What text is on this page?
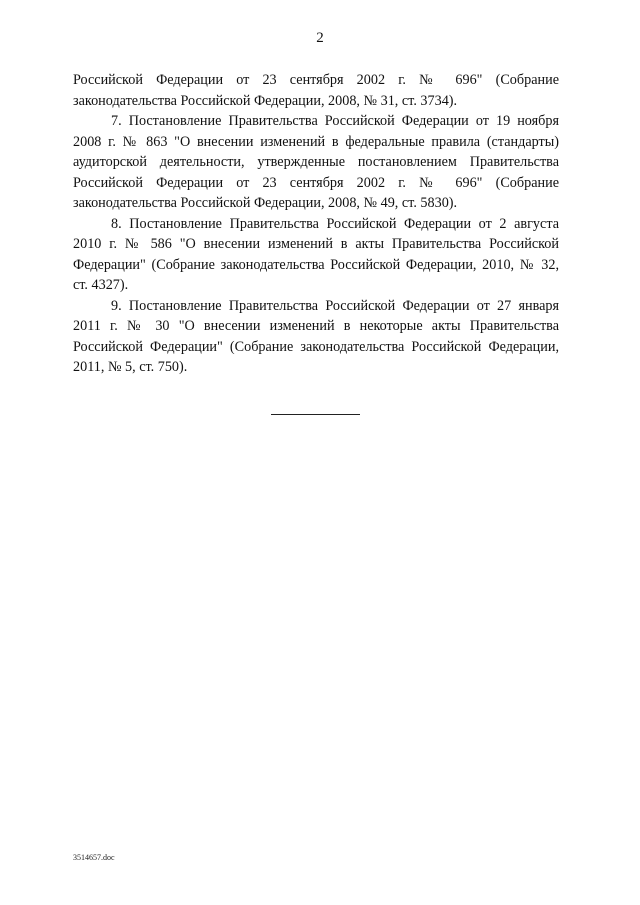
2

Российской Федерации от 23 сентября 2002 г. № 696" (Собрание законодательства Российской Федерации, 2008, № 31, ст. 3734).

7. Постановление Правительства Российской Федерации от 19 ноября 2008 г. № 863 "О внесении изменений в федеральные правила (стандарты) аудиторской деятельности, утвержденные постановлением Правительства Российской Федерации от 23 сентября 2002 г. № 696" (Собрание законодательства Российской Федерации, 2008, № 49, ст. 5830).

8. Постановление Правительства Российской Федерации от 2 августа 2010 г. № 586 "О внесении изменений в акты Правительства Российской Федерации" (Собрание законодательства Российской Федерации, 2010, № 32, ст. 4327).

9. Постановление Правительства Российской Федерации от 27 января 2011 г. № 30 "О внесении изменений в некоторые акты Правительства Российской Федерации" (Собрание законодательства Российской Федерации, 2011, № 5, ст. 750).

3514657.doc
